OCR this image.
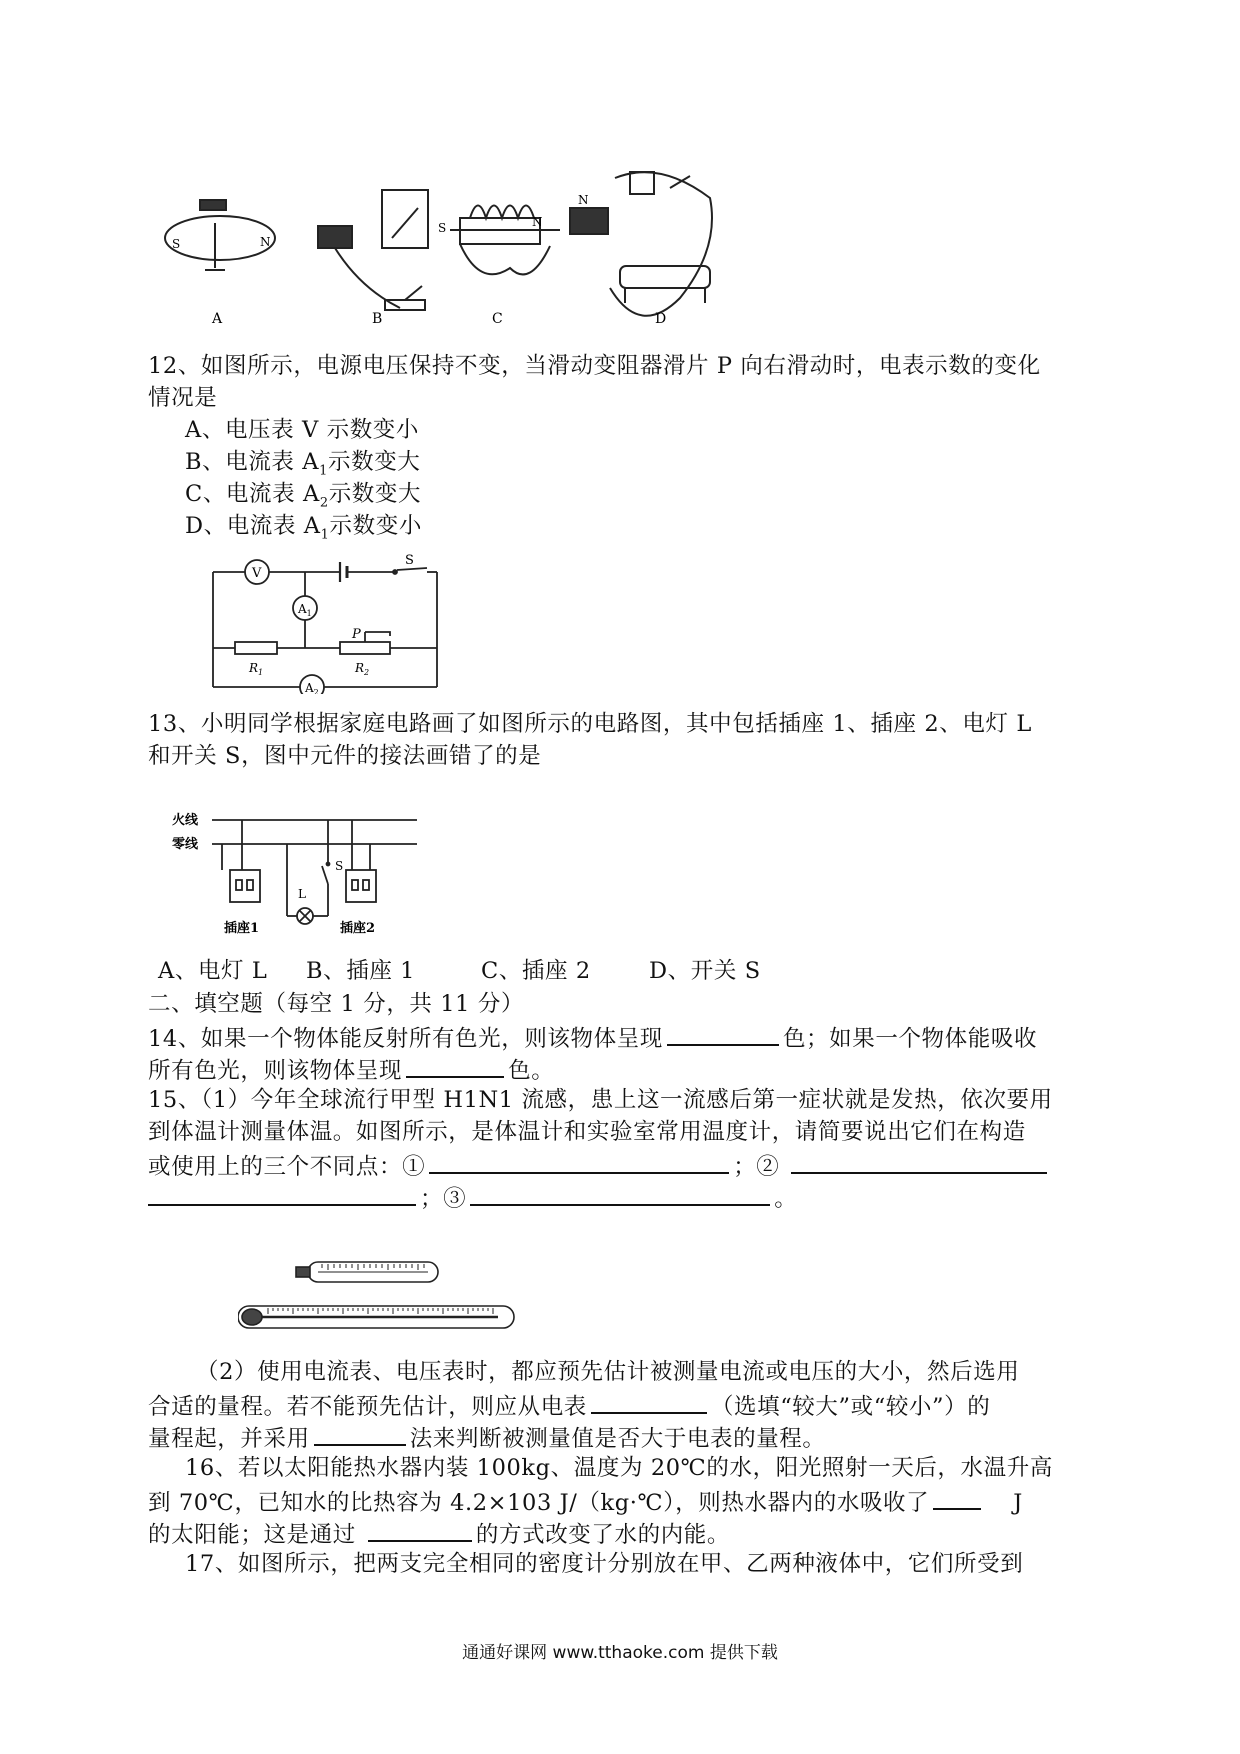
S	N
S	N
N
A	B	C	D
12、如图所示，电源电压保持不变，当滑动变阻器滑片 P 向右滑动时，电表示数的变化
情况是
A、电压表 V 示数变小
B、电流表 $A_1$示数变大
C、电流表 $A_2$示数变大
D、电流表 $A_1$示数变小
V
S
$A_1$
$A_2$
P
$R_1$	$R_2$
13、小明同学根据家庭电路画了如图所示的电路图，其中包括插座 1、插座 2、电灯 L
和开关 S，图中元件的接法画错了的是
火线
零线
L
S
插座1	插座2
A、电灯 L B、插座 1	C、插座 2	D、开关 S
二、填空题（每空 1 分，共 11 分）
14、如果一个物体能反射所有色光，则该物体呈现	色；如果一个物体能吸收
所有色光，则该物体呈现	色。
15、（1）今年全球流行甲型 H1N1 流感，患上这一流感后第一症状就是发热，依次要用
到体温计测量体温。如图所示，是体温计和实验室常用温度计，请简要说出它们在构造
或使用上的三个不同点：①	；②
；③	。
（2）使用电流表、电压表时，都应预先估计被测量电流或电压的大小，然后选用
合适的量程。若不能预先估计，则应从电表	（选填“较大”或“较小”）的
量程起，并采用	法来判断被测量值是否大于电表的量程。
16、若以太阳能热水器内装 100kg、温度为 20℃的水，阳光照射一天后，水温升高
到 70℃，已知水的比热容为 4.2×103 J/（kg·℃），则热水器内的水吸收了	J
的太阳能；这是通过	的方式改变了水的内能。
17、如图所示，把两支完全相同的密度计分别放在甲、乙两种液体中，它们所受到
通通好课网 www.tthaoke.com 提供下载
